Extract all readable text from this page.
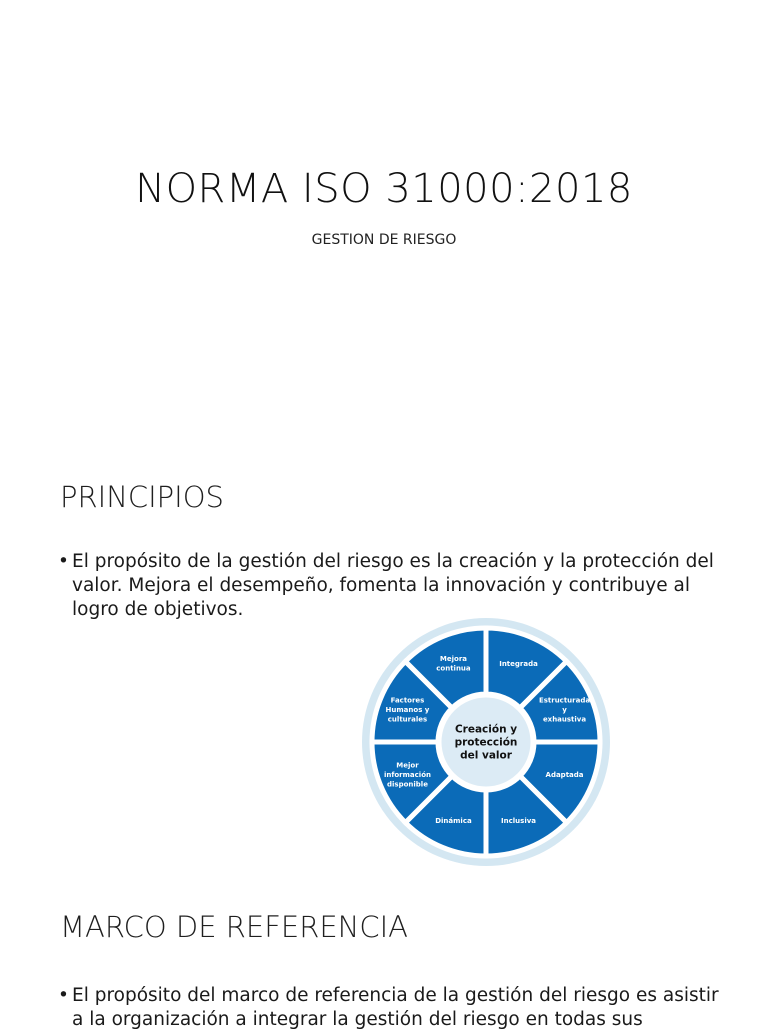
NORMA ISO 31000:2018
GESTION DE RIESGO
PRINCIPIOS
• El propósito de la gestión del riesgo es la creación y la protección del valor. Mejora el desempeño, fomenta la innovación y contribuye al logro de objetivos.
Integrada
Estructurada y exhaustiva
Adaptada
Inclusiva
Dinámica
Mejor información disponible
Factores Humanos y culturales
Mejora continua
Creación y protección del valor
MARCO DE REFERENCIA
• El propósito del marco de referencia de la gestión del riesgo es asistir a la organización a integrar la gestión del riesgo en todas sus
